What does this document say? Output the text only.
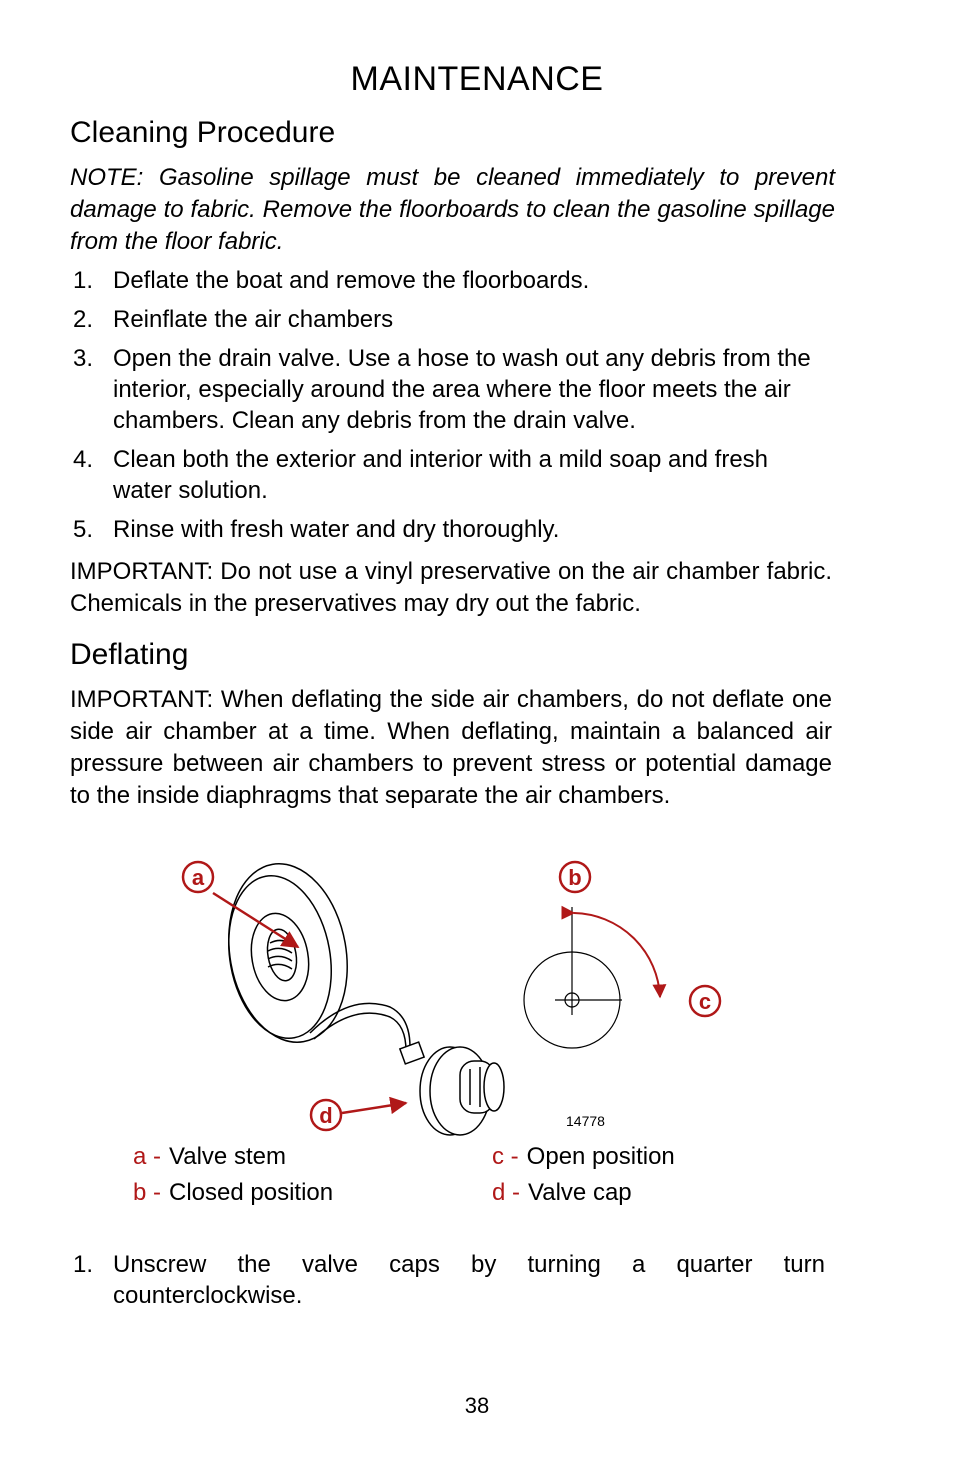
MAINTENANCE
Cleaning Procedure
NOTE: Gasoline spillage must be cleaned immediately to prevent damage to fabric. Remove the floorboards to clean the gasoline spillage from the floor fabric.
1. Deflate the boat and remove the floorboards.
2. Reinflate the air chambers
3. Open the drain valve. Use a hose to wash out any debris from the interior, especially around the area where the floor meets the air chambers. Clean any debris from the drain valve.
4. Clean both the exterior and interior with a mild soap and fresh water solution.
5. Rinse with fresh water and dry thoroughly.
IMPORTANT: Do not use a vinyl preservative on the air chamber fabric. Chemicals in the preservatives may dry out the fabric.
Deflating
IMPORTANT: When deflating the side air chambers, do not deflate one side air chamber at a time. When deflating, maintain a balanced air pressure between air chambers to prevent stress or potential damage to the inside diaphragms that separate the air chambers.
a	b
c
d	14778
a - Valve stem
b - Closed position
c - Open position
d - Valve cap
1. Unscrew the valve caps by turning a quarter turn counterclockwise.
38
